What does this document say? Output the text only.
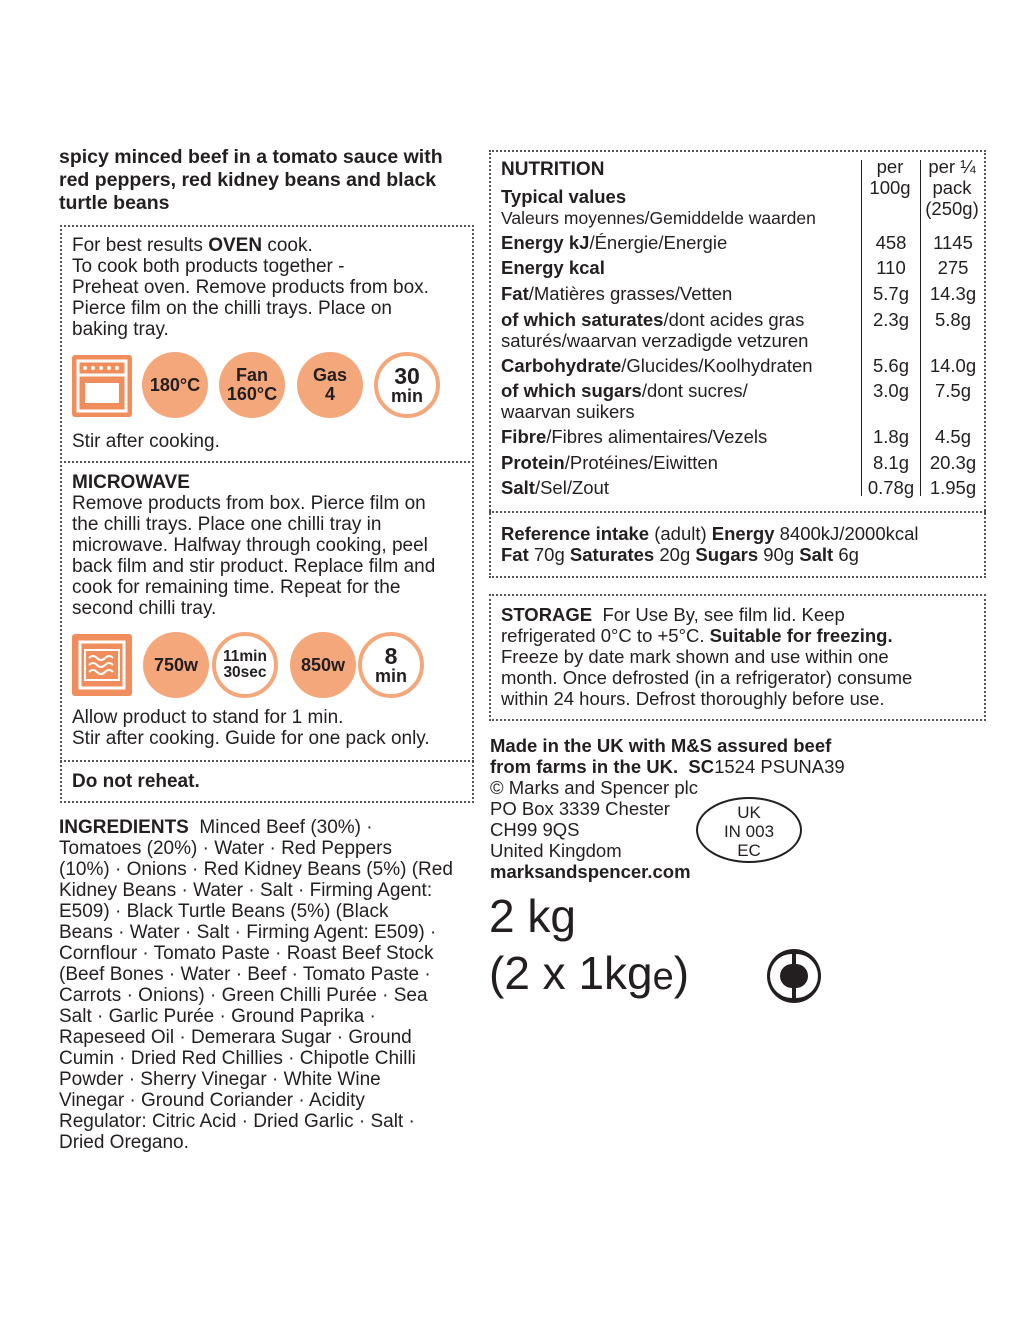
spicy minced beef in a tomato sauce with
red peppers, red kidney beans and black
turtle beans
For best results OVEN cook.
To cook both products together -
Preheat oven. Remove products from box.
Pierce film on the chilli trays. Place on
baking tray.
180°C	Fan
160°C
Gas
4
30
min
Stir after cooking.
MICROWAVE
Remove products from box. Pierce film on
the chilli trays. Place one chilli tray in
microwave. Halfway through cooking, peel
back film and stir product. Replace film and
cook for remaining time. Repeat for the
second chilli tray.
750w 11min
30sec 850w	8
min
Allow product to stand for 1 min.
Stir after cooking. Guide for one pack only.
Do not reheat.
INGREDIENTS Minced Beef (30%) ·
Tomatoes (20%) · Water · Red Peppers
(10%) · Onions · Red Kidney Beans (5%) (Red
Kidney Beans · Water · Salt · Firming Agent:
E509) · Black Turtle Beans (5%) (Black
Beans · Water · Salt · Firming Agent: E509) ·
Cornflour · Tomato Paste · Roast Beef Stock
(Beef Bones · Water · Beef · Tomato Paste ·
Carrots · Onions) · Green Chilli Purée · Sea
Salt · Garlic Purée · Ground Paprika ·
Rapeseed Oil · Demerara Sugar · Ground
Cumin · Dried Red Chillies · Chipotle Chilli
Powder · Sherry Vinegar · White Wine
Vinegar · Ground Coriander · Acidity
Regulator: Citric Acid · Dried Garlic · Salt ·
Dried Oregano.
NUTRITION
Typical values
Valeurs moyennes/Gemiddelde waarden
per
100g
per ¼
pack
(250g)
Energy kJ/Énergie/Energie	458	1145
Energy kcal	110	275
Fat/Matières grasses/Vetten	5.7g	14.3g
of which saturates/dont acides gras
saturés/waarvan verzadigde vetzuren
2.3g	5.8g
Carbohydrate/Glucides/Koolhydraten	5.6g	14.0g
of which sugars/dont sucres/
waarvan suikers
3.0g	7.5g
Fibre/Fibres alimentaires/Vezels	1.8g	4.5g
Protein/Protéines/Eiwitten	8.1g	20.3g
Salt/Sel/Zout	0.78g 1.95g
Reference intake (adult) Energy 8400kJ/2000kcal
Fat 70g Saturates 20g Sugars 90g Salt 6g
STORAGE For Use By, see film lid. Keep
refrigerated 0°C to +5°C. Suitable for freezing.
Freeze by date mark shown and use within one
month. Once defrosted (in a refrigerator) consume
within 24 hours. Defrost thoroughly before use.
Made in the UK with M&S assured beef
from farms in the UK. SC1524 PSUNA39
© Marks and Spencer plc
PO Box 3339 Chester
CH99 9QS
United Kingdom
marksandspencer.com
UK
IN 003
EC
2 kg
(2 x 1kge)
